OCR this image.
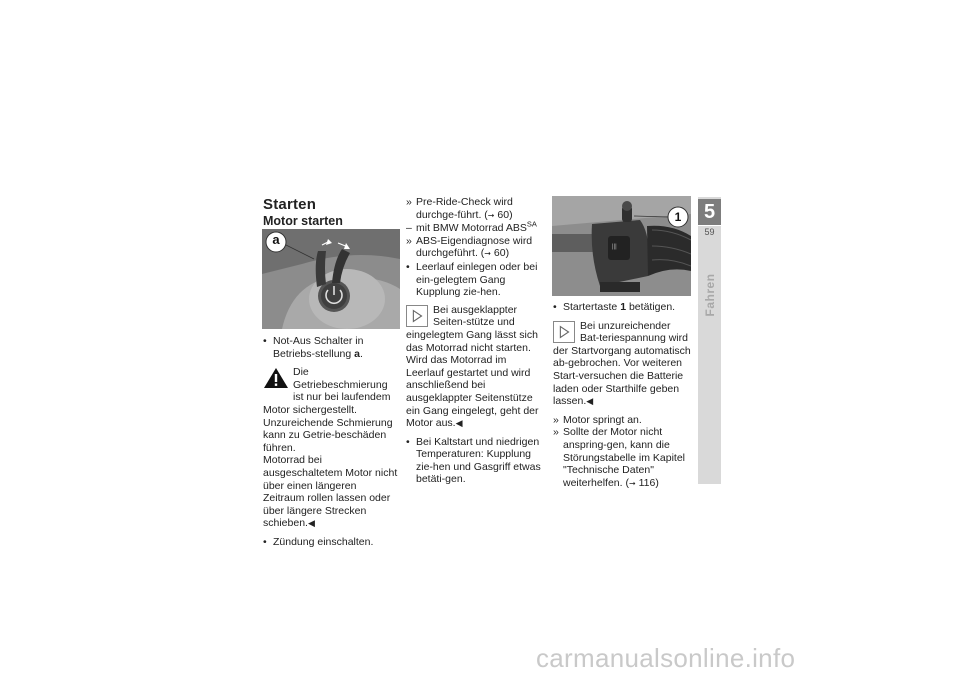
Starten
Motor starten
a
• Not-Aus Schalter in Betriebs-stellung a.
Die Getriebeschmierung ist nur bei laufendem Motor sichergestellt. Unzureichende Schmierung kann zu Getrie-beschäden führen.
Motorrad bei ausgeschaltetem Motor nicht über einen längeren Zeitraum rollen lassen oder über längere Strecken schieben.◀
• Zündung einschalten.
» Pre-Ride-Check wird durchge-führt. (➞ 60)
– mit BMW Motorrad $ABS^{SA}$
» ABS-Eigendiagnose wird durchgeführt. (➞ 60)
• Leerlauf einlegen oder bei ein-gelegtem Gang Kupplung zie-hen.
Bei ausgeklappter Seiten-stütze und eingelegtem Gang lässt sich das Motorrad nicht starten. Wird das Motorrad im Leerlauf gestartet und wird anschließend bei ausgeklappter Seitenstütze ein Gang eingelegt, geht der Motor aus.◀
• Bei Kaltstart und niedrigen Temperaturen: Kupplung zie-hen und Gasgriff etwas betäti-gen.
|||
1
• Startertaste 1 betätigen.
Bei unzureichender Bat-teriespannung wird der Startvorgang automatisch ab-gebrochen. Vor weiteren Start-versuchen die Batterie laden oder Starthilfe geben lassen.◀
» Motor springt an.
» Sollte der Motor nicht anspring-gen, kann die Störungstabelle im Kapitel "Technische Daten" weiterhelfen. (➞ 116)
5
59
Fahren
carmanualsonline.info
